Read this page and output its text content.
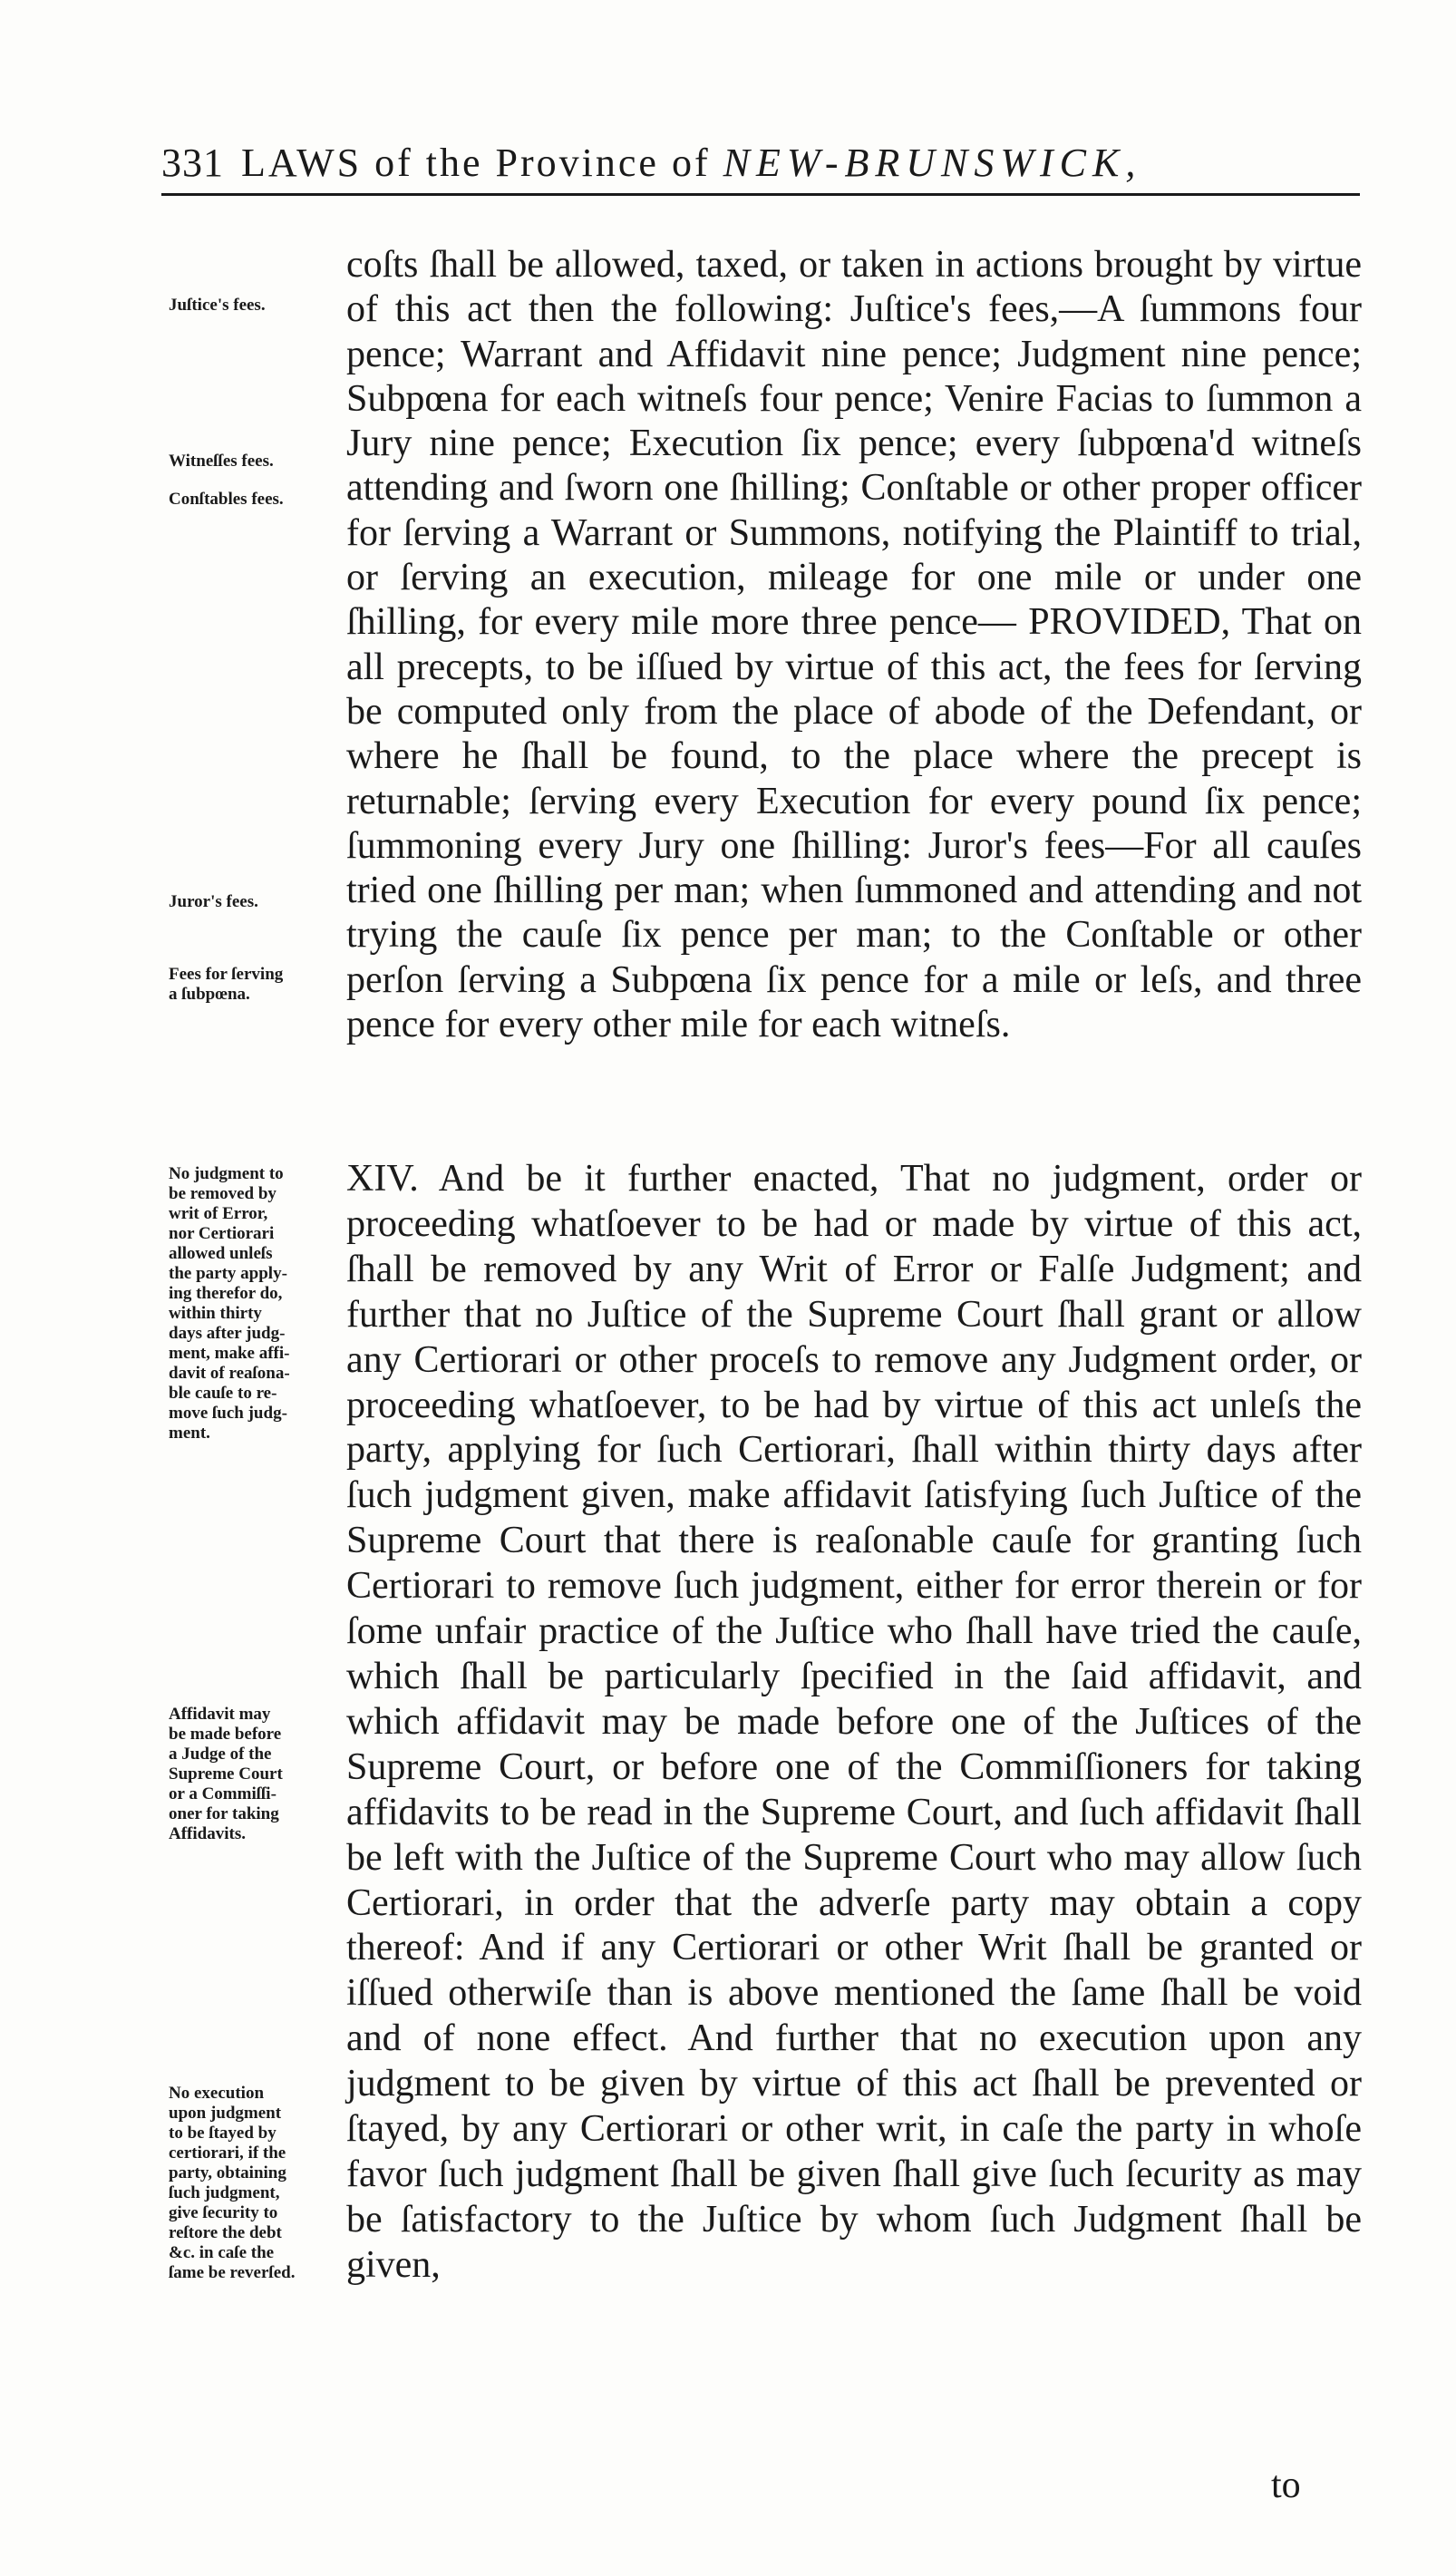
331 LAWS of the Province of NEW-BRUNSWICK,

Juſtice's fees.

Witneſſes fees.

Conſtables fees.

Juror's fees.

Fees for ſerving
a ſubpœna.

No judgment to
be removed by
writ of Error,
nor Certiorari
allowed unleſs
the party apply-
ing therefor do,
within thirty
days after judg-
ment, make affi-
davit of reaſona-
ble cauſe to re-
move ſuch judg-
ment.

Affidavit may
be made before
a Judge of the
Supreme Court
or a Commiſſi-
oner for taking
Affidavits.

No execution
upon judgment
to be ſtayed by
certiorari, if the
party, obtaining
ſuch judgment,
give ſecurity to
reſtore the debt
&c. in caſe the
ſame be reverſed.

coſts ſhall be allowed, taxed, or taken in actions brought by virtue of this act then the following: Juſtice's fees,—A ſummons four pence; Warrant and Affidavit nine pence; Judgment nine pence; Subpœna for each witneſs four pence; Venire Facias to ſummon a Jury nine pence; Execution ſix pence; every ſubpœna'd witneſs attending and ſworn one ſhilling; Conſtable or other proper officer for ſerving a Warrant or Summons, notifying the Plaintiff to trial, or ſerving an execution, mileage for one mile or under one ſhilling, for every mile more three pence— PROVIDED, That on all precepts, to be iſſued by virtue of this act, the fees for ſerving be computed only from the place of abode of the Defendant, or where he ſhall be found, to the place where the precept is returnable; ſerving every Execution for every pound ſix pence; ſummoning every Jury one ſhilling: Juror's fees—For all cauſes tried one ſhilling per man; when ſummoned and attending and not trying the cauſe ſix pence per man; to the Conſtable or other perſon ſerving a Subpœna ſix pence for a mile or leſs, and three pence for every other mile for each witneſs.

XIV. And be it further enacted, That no judgment, order or proceeding whatſoever to be had or made by virtue of this act, ſhall be removed by any Writ of Error or Falſe Judgment; and further that no Juſtice of the Supreme Court ſhall grant or allow any Certiorari or other proceſs to remove any Judgment order, or proceeding whatſoever, to be had by virtue of this act unleſs the party, applying for ſuch Certiorari, ſhall within thirty days after ſuch judgment given, make affidavit ſatisfying ſuch Juſtice of the Supreme Court that there is reaſonable cauſe for granting ſuch Certiorari to remove ſuch judgment, either for error therein or for ſome unfair practice of the Juſtice who ſhall have tried the cauſe, which ſhall be particularly ſpecified in the ſaid affidavit, and which affidavit may be made before one of the Juſtices of the Supreme Court, or before one of the Commiſſioners for taking affidavits to be read in the Supreme Court, and ſuch affidavit ſhall be left with the Juſtice of the Supreme Court who may allow ſuch Certiorari, in order that the adverſe party may obtain a copy thereof: And if any Certiorari or other Writ ſhall be granted or iſſued otherwiſe than is above mentioned the ſame ſhall be void and of none effect. And further that no execution upon any judgment to be given by virtue of this act ſhall be prevented or ſtayed, by any Certiorari or other writ, in caſe the party in whoſe favor ſuch judgment ſhall be given ſhall give ſuch ſecurity as may be ſatisfactory to the Juſtice by whom ſuch Judgment ſhall be given,

to
